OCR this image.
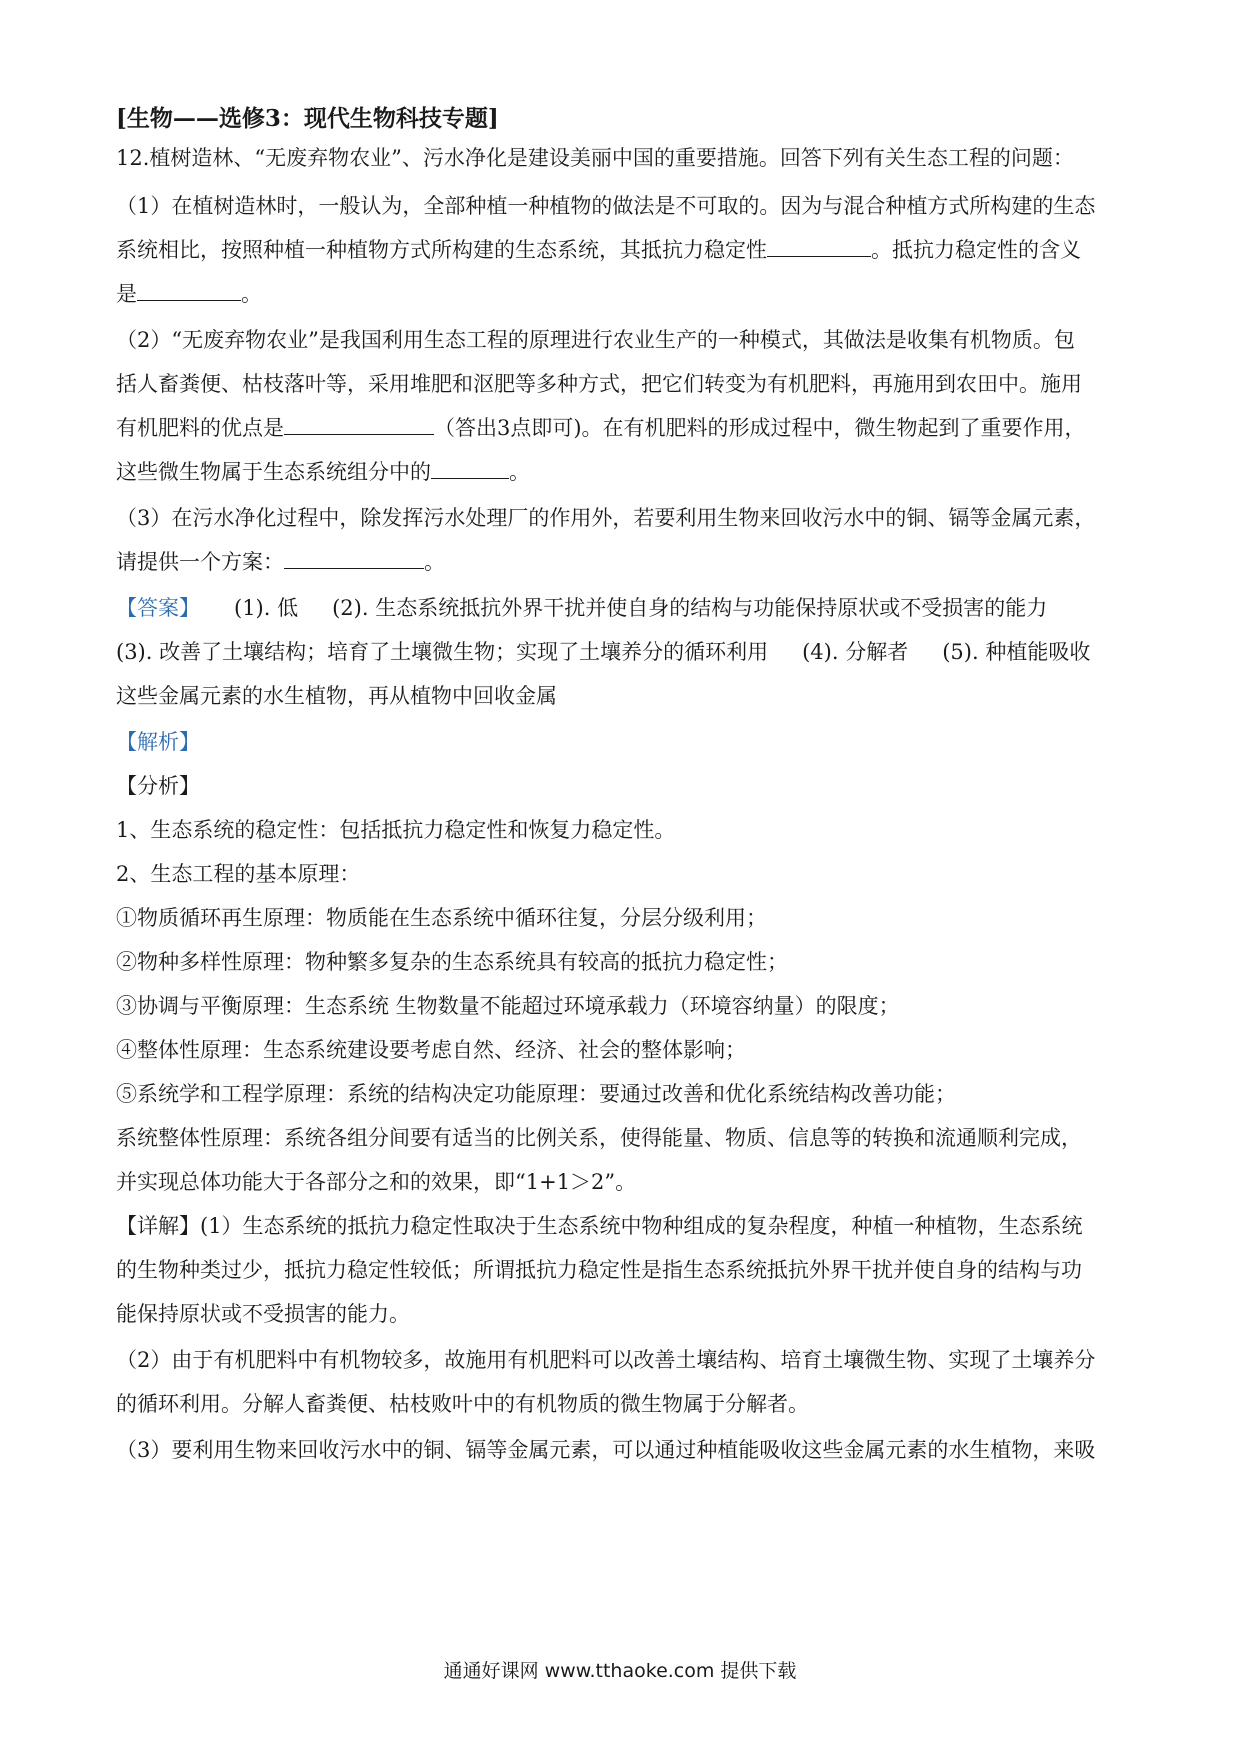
[生物——选修3：现代生物科技专题]
12.植树造林、“无废弃物农业”、污水净化是建设美丽中国的重要措施。回答下列有关生态工程的问题：
（1）在植树造林时，一般认为，全部种植一种植物的做法是不可取的。因为与混合种植方式所构建的生态
系统相比，按照种植一种植物方式所构建的生态系统，其抵抗力稳定性	。抵抗力稳定性的含义
是	。
（2）“无废弃物农业”是我国利用生态工程的原理进行农业生产的一种模式，其做法是收集有机物质。包
括人畜粪便、枯枝落叶等，采用堆肥和沤肥等多种方式，把它们转变为有机肥料，再施用到农田中。施用
有机肥料的优点是	（答出3点即可)。在有机肥料的形成过程中，微生物起到了重要作用，
这些微生物属于生态系统组分中的	。
（3）在污水净化过程中，除发挥污水处理厂的作用外，若要利用生物来回收污水中的铜、镉等金属元素，
请提供一个方案：	。
【答案】 (1). 低 (2). 生态系统抵抗外界干扰并使自身的结构与功能保持原状或不受损害的能力
(3). 改善了土壤结构；培育了土壤微生物；实现了土壤养分的循环利用 (4). 分解者 (5). 种植能吸收
这些金属元素的水生植物，再从植物中回收金属
【解析】
【分析】
1、生态系统的稳定性：包括抵抗力稳定性和恢复力稳定性。
2、生态工程的基本原理：
①物质循环再生原理：物质能在生态系统中循环往复，分层分级利用；
②物种多样性原理：物种繁多复杂的生态系统具有较高的抵抗力稳定性；
③协调与平衡原理：生态系统 生物数量不能超过环境承载力（环境容纳量）的限度；
④整体性原理：生态系统建设要考虑自然、经济、社会的整体影响；
⑤系统学和工程学原理：系统的结构决定功能原理：要通过改善和优化系统结构改善功能；
系统整体性原理：系统各组分间要有适当的比例关系，使得能量、物质、信息等的转换和流通顺利完成，
并实现总体功能大于各部分之和的效果，即“1+1＞2”。
【详解】(1）生态系统的抵抗力稳定性取决于生态系统中物种组成的复杂程度，种植一种植物，生态系统
的生物种类过少，抵抗力稳定性较低；所谓抵抗力稳定性是指生态系统抵抗外界干扰并使自身的结构与功
能保持原状或不受损害的能力。
（2）由于有机肥料中有机物较多，故施用有机肥料可以改善土壤结构、培育土壤微生物、实现了土壤养分
的循环利用。分解人畜粪便、枯枝败叶中的有机物质的微生物属于分解者。
（3）要利用生物来回收污水中的铜、镉等金属元素，可以通过种植能吸收这些金属元素的水生植物，来吸
通通好课网 www.tthaoke.com 提供下载
